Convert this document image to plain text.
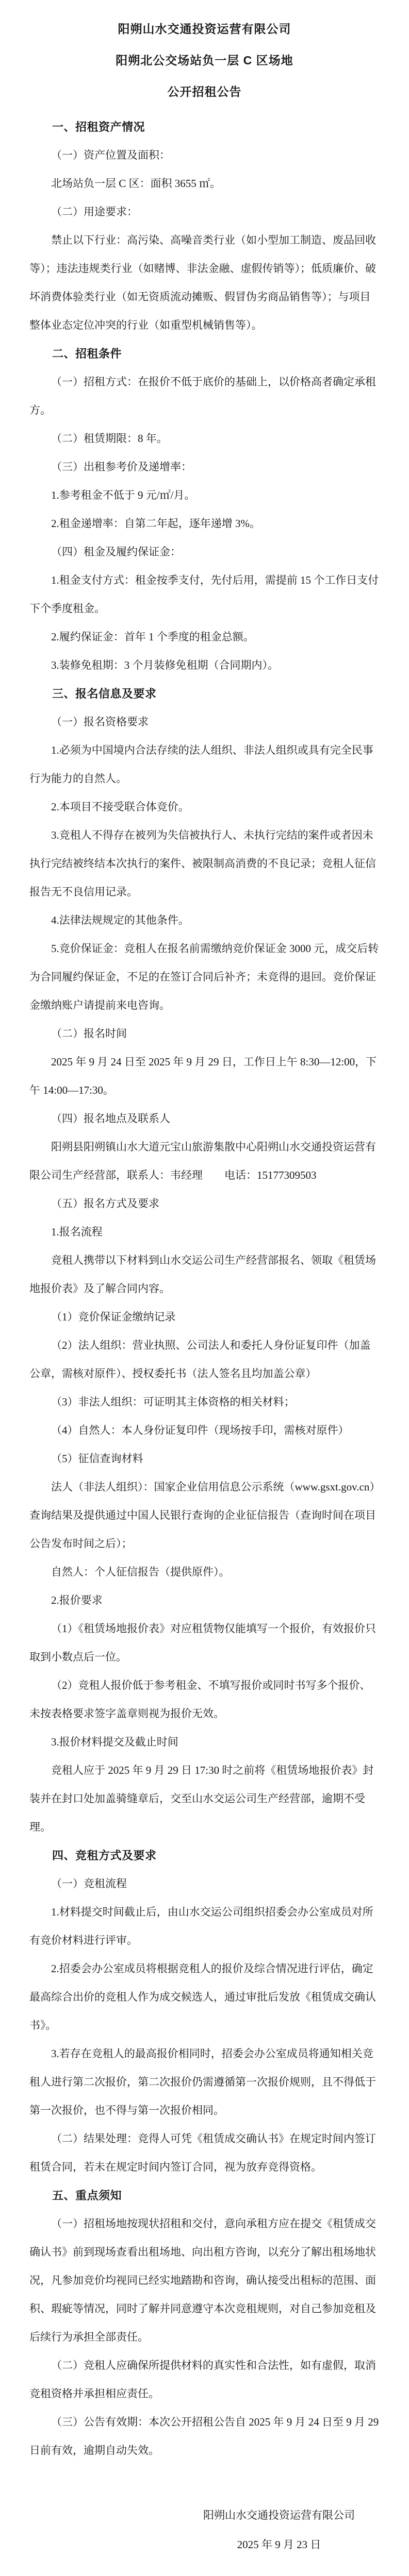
阳朔山水交通投资运营有限公司
阳朔北公交场站负一层 C 区场地
公开招租公告

一、招租资产情况

（一）资产位置及面积：

北场站负一层 C 区：面积 3655 ㎡。

（二）用途要求：

禁止以下行业：高污染、高噪音类行业（如小型加工制造、废品回收等）；违法违规类行业（如赌博、非法金融、虚假传销等）；低质廉价、破坏消费体验类行业（如无资质流动摊贩、假冒伪劣商品销售等）；与项目整体业态定位冲突的行业（如重型机械销售等）。

二、招租条件

（一）招租方式：在报价不低于底价的基础上，以价格高者确定承租方。

（二）租赁期限：8 年。

（三）出租参考价及递增率：

1.参考租金不低于 9 元/㎡/月。

2.租金递增率：自第二年起，逐年递增 3%。

（四）租金及履约保证金：

1.租金支付方式：租金按季支付，先付后用，需提前 15 个工作日支付下个季度租金。

2.履约保证金：首年 1 个季度的租金总额。

3.装修免租期：3 个月装修免租期（合同期内）。

三、报名信息及要求

（一）报名资格要求

1.必须为中国境内合法存续的法人组织、非法人组织或具有完全民事行为能力的自然人。

2.本项目不接受联合体竞价。

3.竞租人不得存在被列为失信被执行人、未执行完结的案件或者因未执行完结被终结本次执行的案件、被限制高消费的不良记录；竞租人征信报告无不良信用记录。

4.法律法规规定的其他条件。

5.竞价保证金：竞租人在报名前需缴纳竞价保证金 3000 元，成交后转为合同履约保证金，不足的在签订合同后补齐；未竞得的退回。竞价保证金缴纳账户请提前来电咨询。

（二）报名时间

2025 年 9 月 24 日至 2025 年 9 月 29 日，工作日上午 8:30—12:00，下午 14:00—17:30。

（四）报名地点及联系人

阳朔县阳朔镇山水大道元宝山旅游集散中心阳朔山水交通投资运营有限公司生产经营部，联系人：韦经理　　电话：15177309503

（五）报名方式及要求

1.报名流程

竞租人携带以下材料到山水交运公司生产经营部报名、领取《租赁场地报价表》及了解合同内容。

（1）竞价保证金缴纳记录

（2）法人组织：营业执照、公司法人和委托人身份证复印件（加盖公章，需核对原件）、授权委托书（法人签名且均加盖公章）

（3）非法人组织：可证明其主体资格的相关材料；

（4）自然人：本人身份证复印件（现场按手印，需核对原件）

（5）征信查询材料

法人（非法人组织）：国家企业信用信息公示系统（www.gsxt.gov.cn）查询结果及提供通过中国人民银行查询的企业征信报告（查询时间在项目公告发布时间之后）；

自然人：个人征信报告（提供原件）。

2.报价要求

（1）《租赁场地报价表》对应租赁物仅能填写一个报价，有效报价只取到小数点后一位。

（2）竞租人报价低于参考租金、不填写报价或同时书写多个报价、未按表格要求签字盖章则视为报价无效。

3.报价材料提交及截止时间

竞租人应于 2025 年 9 月 29 日 17:30 时之前将《租赁场地报价表》封装并在封口处加盖骑缝章后，交至山水交运公司生产经营部，逾期不受理。

四、竞租方式及要求

（一）竞租流程

1.材料提交时间截止后，由山水交运公司组织招委会办公室成员对所有竞价材料进行评审。

2.招委会办公室成员将根据竞租人的报价及综合情况进行评估，确定最高综合出价的竞租人作为成交候选人，通过审批后发放《租赁成交确认书》。

3.若存在竞租人的最高报价相同时，招委会办公室成员将通知相关竞租人进行第二次报价，第二次报价仍需遵循第一次报价规则，且不得低于第一次报价，也不得与第一次报价相同。

（二）结果处理：竞得人可凭《租赁成交确认书》在规定时间内签订租赁合同，若未在规定时间内签订合同，视为放弃竞得资格。

五、重点须知

（一）招租场地按现状招租和交付，意向承租方应在提交《租赁成交确认书》前到现场查看出租场地、向出租方咨询，以充分了解出租场地状况，凡参加竞价均视同已经实地踏勘和咨询，确认接受出租标的范围、面积、瑕疵等情况，同时了解并同意遵守本次竞租规则，对自己参加竞租及后续行为承担全部责任。

（二）竞租人应确保所提供材料的真实性和合法性，如有虚假，取消竞租资格并承担相应责任。

（三）公告有效期：本次公开招租公告自 2025 年 9 月 24 日至 9 月 29 日前有效，逾期自动失效。

阳朔山水交通投资运营有限公司

2025 年 9 月 23 日
